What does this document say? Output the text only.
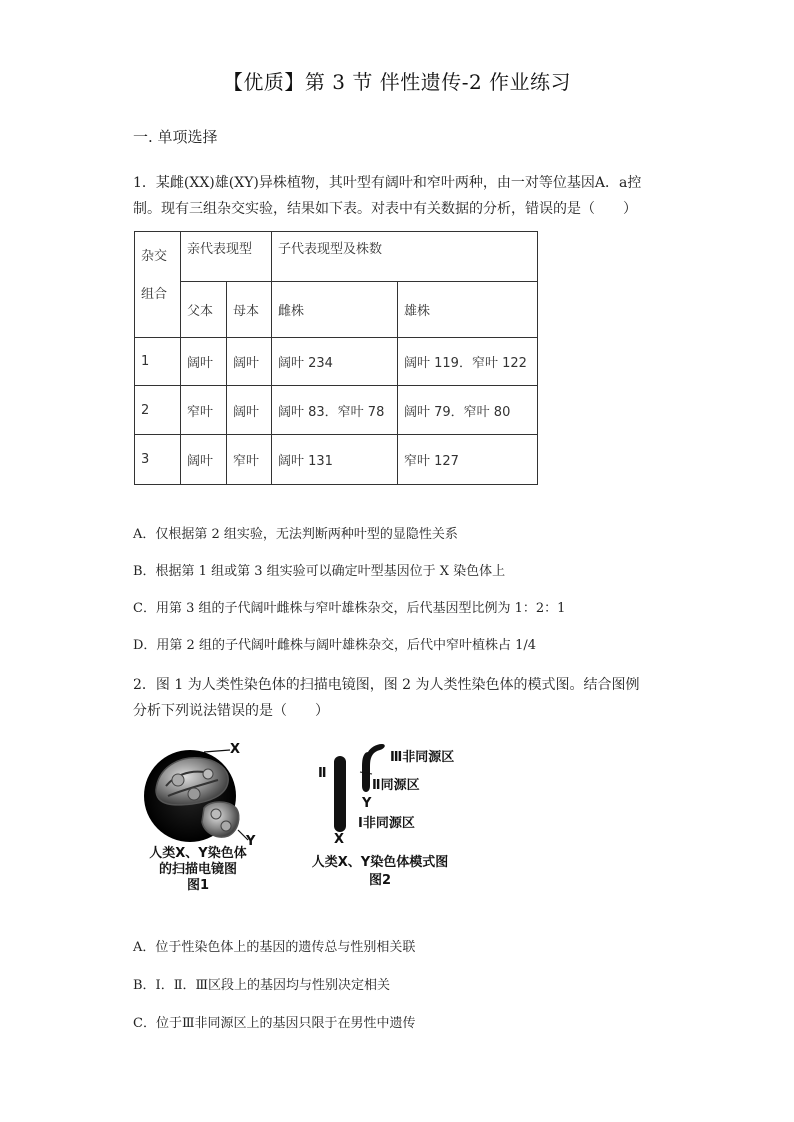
【优质】第 3 节 伴性遗传-2 作业练习
一. 单项选择
1．某雌(XX)雄(XY)异株植物，其叶型有阔叶和窄叶两种，由一对等位基因A．a控
制。现有三组杂交实验，结果如下表。对表中有关数据的分析，错误的是（　　）
杂交
组合	亲代表现型		子代表现型及株数	
	父本	母本	雌株	雄株
1	阔叶	阔叶	阔叶 234	阔叶 119．窄叶 122
2	窄叶	阔叶	阔叶 83．窄叶 78	阔叶 79．窄叶 80
3	阔叶	窄叶	阔叶 131	窄叶 127
A．仅根据第 2 组实验，无法判断两种叶型的显隐性关系
B．根据第 1 组或第 3 组实验可以确定叶型基因位于 X 染色体上
C．用第 3 组的子代阔叶雌株与窄叶雄株杂交，后代基因型比例为 1：2：1
D．用第 2 组的子代阔叶雌株与阔叶雄株杂交，后代中窄叶植株占 1/4
2．图 1 为人类性染色体的扫描电镜图，图 2 为人类性染色体的模式图。结合图例
分析下列说法错误的是（　　）
X
Y
人类X、Y染色体
的扫描电镜图
图1
Ⅱ
Ⅲ非同源区
Ⅱ同源区
Y
Ⅰ非同源区
X
人类X、Y染色体模式图
图2
A．位于性染色体上的基因的遗传总与性别相关联
B．Ⅰ．Ⅱ．Ⅲ区段上的基因均与性别决定相关
C．位于Ⅲ非同源区上的基因只限于在男性中遗传
